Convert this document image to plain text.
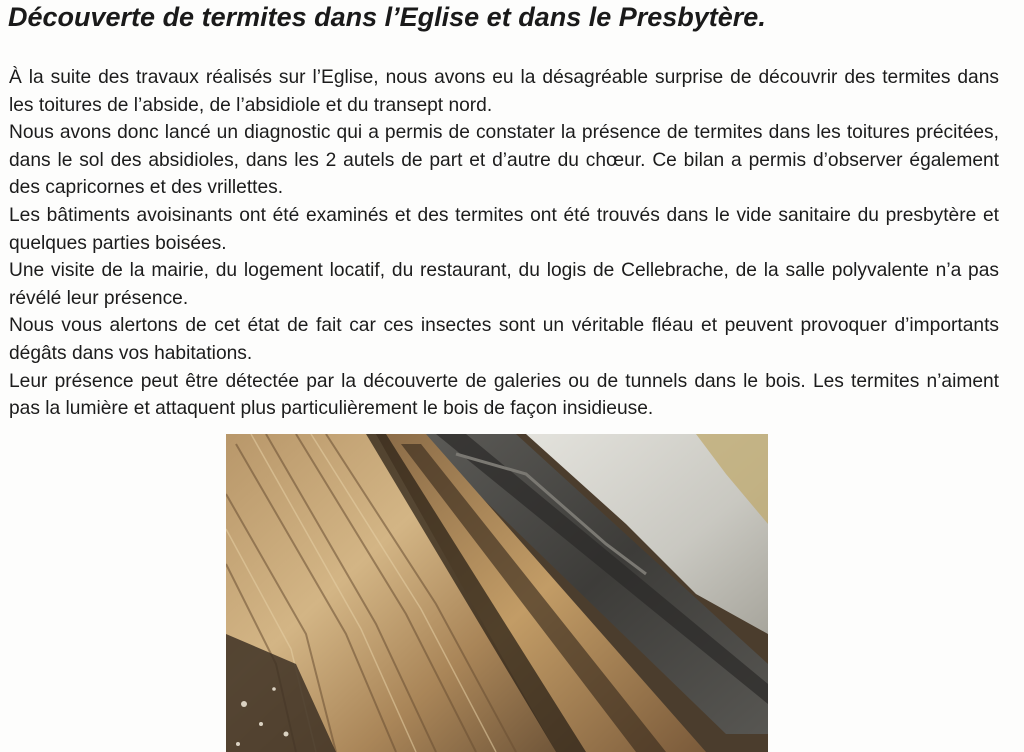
Découverte de termites dans l’Eglise et dans le Presbytère.

À la suite des travaux réalisés sur l’Eglise, nous avons eu la désagréable surprise de découvrir des termites dans les toitures de l’abside, de l’absidiole et du transept nord.

Nous avons donc lancé un diagnostic qui a permis de constater la présence de termites dans les toitures précitées, dans le sol des absidioles, dans les 2 autels de part et d’autre du chœur. Ce bilan a permis d’observer également des capricornes et des vrillettes.

Les bâtiments avoisinants ont été examinés et des termites ont été trouvés dans le vide sanitaire du presbytère et quelques parties boisées.

Une visite de la mairie, du logement locatif, du restaurant, du logis de Cellebrache, de la salle polyvalente n’a pas révélé leur présence.

Nous vous alertons de cet état de fait car ces insectes sont un véritable fléau et peuvent provoquer d’importants dégâts dans vos habitations.

Leur présence peut être détectée par la découverte de galeries ou de tunnels dans le bois. Les termites n’aiment pas la lumière et attaquent plus particulièrement le bois de façon insidieuse.
